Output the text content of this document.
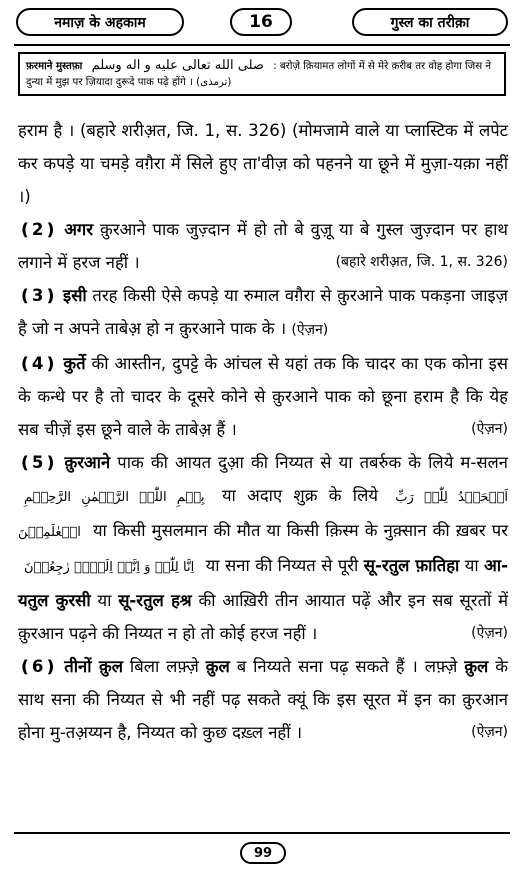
नमाज़ के अहकाम	16	गुस्ल का तरीक़ा
फ़रमाने मुस्तफ़ा صلى الله تعالى عليه و اله وسلم : बरोज़े क़ियामत लोगों में से मेरे क़रीब तर वोह होगा जिस ने दुन्या में मुझ पर ज़ियादा दुरूदे पाक पढ़े होंगे । (ترمذی)

हराम है । (बहारे शरीअ़त, जि. 1, स. 326) (मोमजामे वाले या प्लास्टिक में लपेट कर कपड़े या चमड़े वग़ैरा में सिले हुए ता'वीज़ को पहनने या छूने में मुज़ा-यक़ा नहीं ।)

❪2❫ अगर क़ुरआने पाक जुज़्दान में हो तो बे वुज़ू या बे गुस्ल जुज़्दान पर हाथ लगाने में हरज नहीं ।	(बहारे शरीअ़त, जि. 1, स. 326)

❪3❫ इसी तरह किसी ऐसे कपड़े या रुमाल वग़ैरा से क़ुरआने पाक पकड़ना जाइज़ है जो न अपने ताबेअ़ हो न क़ुरआने पाक के । (ऐज़न)

❪4❫ कुर्ते की आस्तीन, दुपट्टे के आंचल से यहां तक कि चादर का एक कोना इस के कन्धे पर है तो चादर के दूसरे कोने से क़ुरआने पाक को छूना हराम है कि येह सब चीज़ें इस छूने वाले के ताबेअ़ हैं ।	(ऐज़न)

❪5❫ क़ुरआने पाक की आयत दुआ़ की निय्यत से या तबर्रुक के लिये म-सलन بِسۡمِ اللّٰہِ الرَّحۡمٰنِ الرَّحِیۡمِ या अदाए शुक्र के लिये اَلۡحَمۡدُ لِلّٰہِ رَبِّ الۡعٰلَمِیۡنَ या किसी मुसलमान की मौत या किसी क़िस्म के नुक़्सान की ख़बर पर اِنَّا لِلّٰہِ وَ اِنَّاۤ اِلَیۡہِ رٰجِعُوۡنَ या सना की निय्यत से पूरी सू-रतुल फ़ातिहा या आ-यतुल कुरसी या सू-रतुल हश्र की आख़िरी तीन आयात पढ़ें और इन सब सूरतों में क़ुरआन पढ़ने की निय्यत न हो तो कोई हरज नहीं ।	(ऐज़न)

❪6❫ तीनों क़ुल बिला लफ़्ज़े क़ुल ब निय्यते सना पढ़ सकते हैं । लफ़्ज़े क़ुल के साथ सना की निय्यत से भी नहीं पढ़ सकते क्यूं कि इस सूरत में इन का क़ुरआन होना मु-तअ़य्यन है, निय्यत को कुछ दख़्ल नहीं ।	(ऐज़न)

99
